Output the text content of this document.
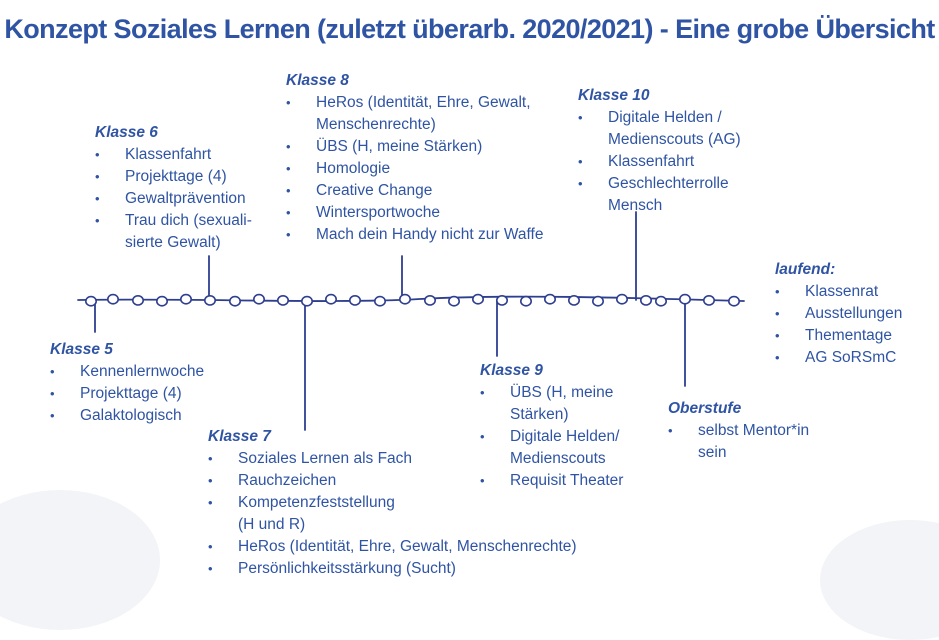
Konzept Soziales Lernen (zuletzt überarb. 2020/2021) - Eine grobe Übersicht
Klasse 6
• Klassenfahrt
• Projekttage (4)
• Gewaltprävention
• Trau dich (sexuali-
sierte Gewalt)
Klasse 8
• HeRos (Identität, Ehre, Gewalt,
Menschenrechte)
• ÜBS (H, meine Stärken)
• Homologie
• Creative Change
• Wintersportwoche
• Mach dein Handy nicht zur Waffe
Klasse 10
• Digitale Helden /
Medienscouts (AG)
• Klassenfahrt
• Geschlechterrolle
Mensch
laufend:
• Klassenrat
• Ausstellungen
• Thementage
• AG SoRSmC
Klasse 5
• Kennenlernwoche
• Projekttage (4)
• Galaktologisch
Klasse 9
• ÜBS (H, meine
Stärken)
• Digitale Helden/
Medienscouts
• Requisit Theater
Oberstufe
• selbst Mentor*in
sein
Klasse 7
• Soziales Lernen als Fach
• Rauchzeichen
• Kompetenzfeststellung
(H und R)
• HeRos (Identität, Ehre, Gewalt, Menschenrechte)
• Persönlichkeitsstärkung (Sucht)
